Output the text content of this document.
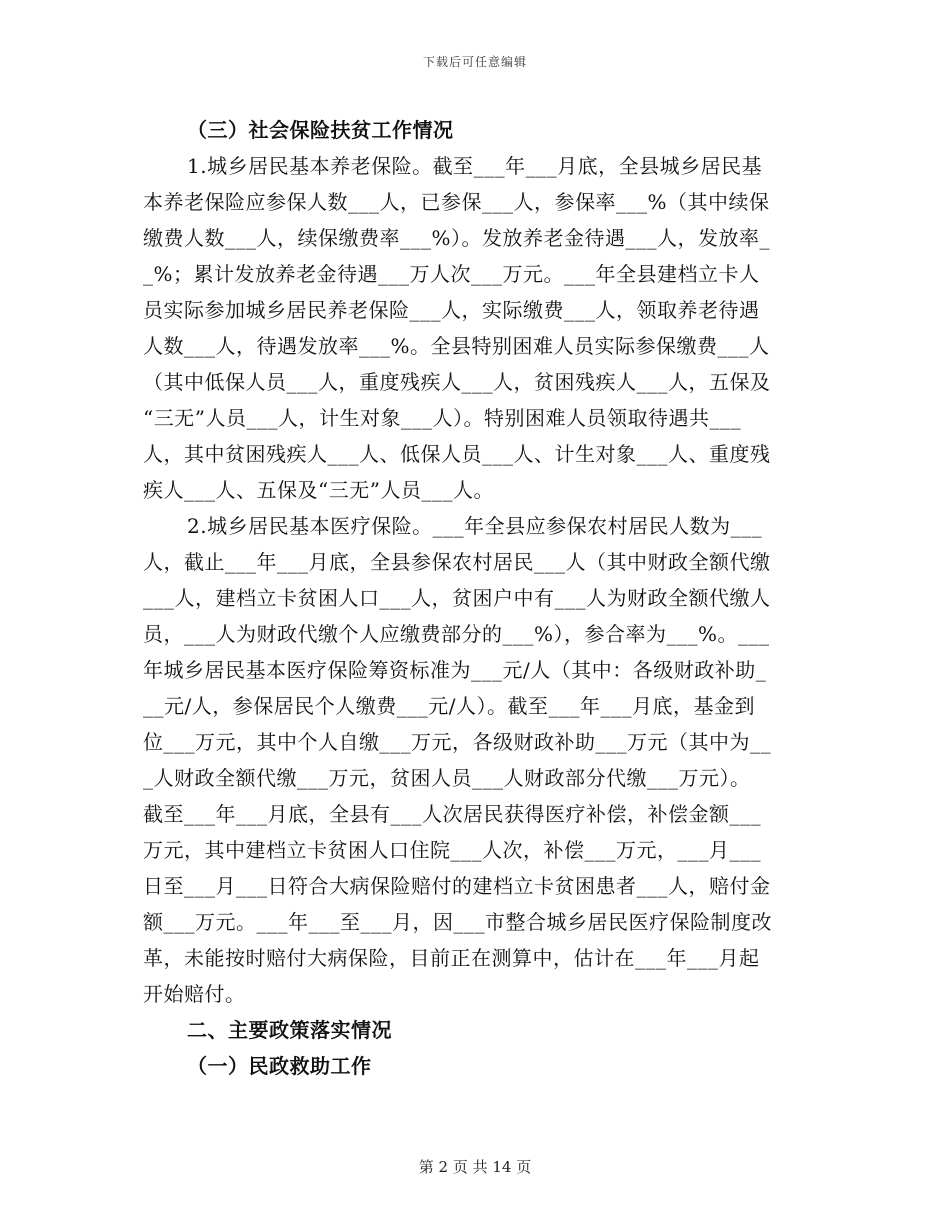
下载后可任意编辑
（三）社会保险扶贫工作情况
1.城乡居民基本养老保险。截至___年___月底，全县城乡居民基
本养老保险应参保人数___人，已参保___人，参保率___%（其中续保
缴费人数___人，续保缴费率___%）。发放养老金待遇___人，发放率_
_%；累计发放养老金待遇___万人次___万元。___年全县建档立卡人
员实际参加城乡居民养老保险___人，实际缴费___人，领取养老待遇
人数___人，待遇发放率___%。全县特别困难人员实际参保缴费___人
（其中低保人员___人，重度残疾人___人，贫困残疾人___人，五保及
“三无”人员___人，计生对象___人）。特别困难人员领取待遇共___
人，其中贫困残疾人___人、低保人员___人、计生对象___人、重度残
疾人___人、五保及“三无”人员___人。
2.城乡居民基本医疗保险。___年全县应参保农村居民人数为___
人，截止___年___月底，全县参保农村居民___人（其中财政全额代缴
___人，建档立卡贫困人口___人，贫困户中有___人为财政全额代缴人
员，___人为财政代缴个人应缴费部分的___%），参合率为___%。___
年城乡居民基本医疗保险筹资标准为___元/人（其中：各级财政补助_
__元/人，参保居民个人缴费___元/人）。截至___年___月底，基金到
位___万元，其中个人自缴___万元，各级财政补助___万元（其中为__
_人财政全额代缴___万元，贫困人员___人财政部分代缴___万元）。
截至___年___月底，全县有___人次居民获得医疗补偿，补偿金额___
万元，其中建档立卡贫困人口住院___人次，补偿___万元，___月___
日至___月___日符合大病保险赔付的建档立卡贫困患者___人，赔付金
额___万元。___年___至___月，因___市整合城乡居民医疗保险制度改
革，未能按时赔付大病保险，目前正在测算中，估计在___年___月起
开始赔付。
二、主要政策落实情况
（一）民政救助工作
第 2 页 共 14 页
